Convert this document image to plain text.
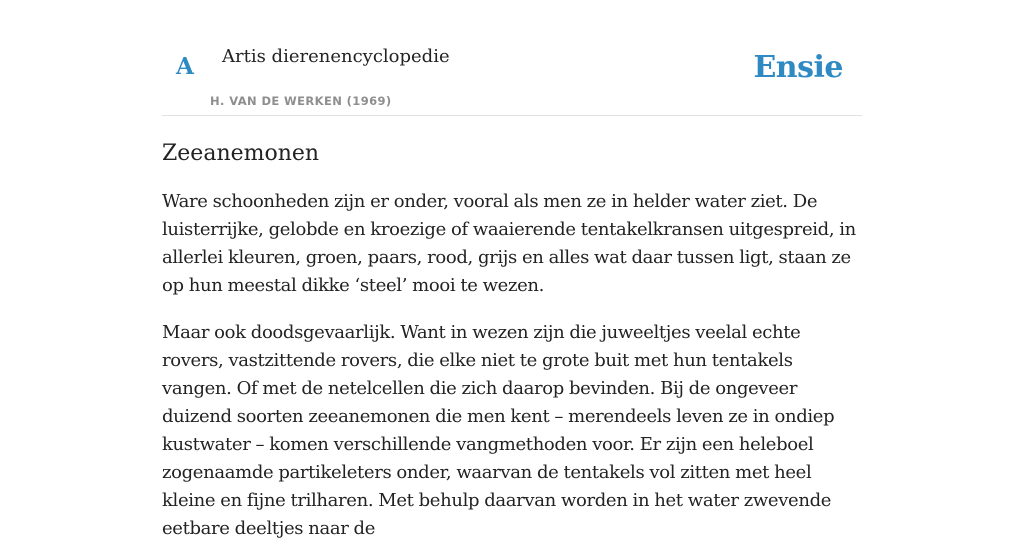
A Artis dierenencyclopedie
H. VAN DE WERKEN (1969)
Ensie
Zeeanemonen

Ware schoonheden zijn er onder, vooral als men ze in helder water ziet. De luisterrijke, gelobde en kroezige of waaierende tentakelkransen uitgespreid, in allerlei kleuren, groen, paars, rood, grijs en alles wat daar tussen ligt, staan ze op hun meestal dikke ‘steel’ mooi te wezen.

Maar ook doodsgevaarlijk. Want in wezen zijn die juweeltjes veelal echte rovers, vastzittende rovers, die elke niet te grote buit met hun tentakels vangen. Of met de netelcellen die zich daarop bevinden. Bij de ongeveer duizend soorten zeeanemonen die men kent – merendeels leven ze in ondiep kustwater – komen verschillende vangmethoden voor. Er zijn een heleboel zogenaamde partikeleters onder, waarvan de tentakels vol zitten met heel kleine en fijne trilharen. Met behulp daarvan worden in het water zwevende eetbare deeltjes naar de
